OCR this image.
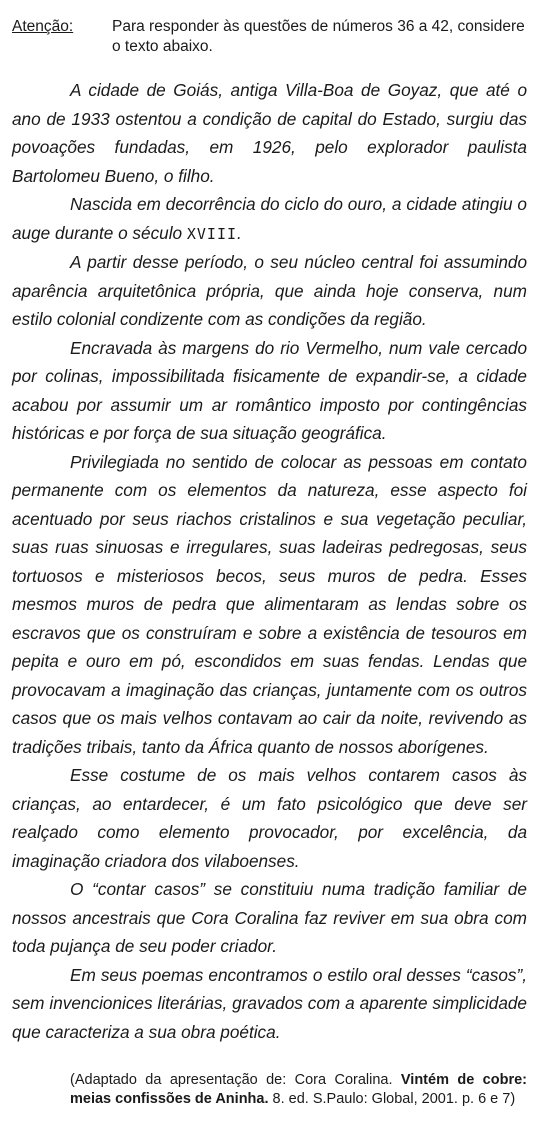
Atenção:	Para responder às questões de números 36 a 42, considere o texto abaixo.

A cidade de Goiás, antiga Villa-Boa de Goyaz, que até o ano de 1933 ostentou a condição de capital do Estado, surgiu das povoações fundadas, em 1926, pelo explorador paulista Bartolomeu Bueno, o filho.

Nascida em decorrência do ciclo do ouro, a cidade atingiu o auge durante o século XVIII.

A partir desse período, o seu núcleo central foi assumindo aparência arquitetônica própria, que ainda hoje conserva, num estilo colonial condizente com as condições da região.

Encravada às margens do rio Vermelho, num vale cercado por colinas, impossibilitada fisicamente de expandir-se, a cidade acabou por assumir um ar romântico imposto por contingências históricas e por força de sua situação geográfica.

Privilegiada no sentido de colocar as pessoas em contato permanente com os elementos da natureza, esse aspecto foi acentuado por seus riachos cristalinos e sua vegetação peculiar, suas ruas sinuosas e irregulares, suas ladeiras pedregosas, seus tortuosos e misteriosos becos, seus muros de pedra. Esses mesmos muros de pedra que alimentaram as lendas sobre os escravos que os construíram e sobre a existência de tesouros em pepita e ouro em pó, escondidos em suas fendas. Lendas que provocavam a imaginação das crianças, juntamente com os outros casos que os mais velhos contavam ao cair da noite, revivendo as tradições tribais, tanto da África quanto de nossos aborígenes.

Esse costume de os mais velhos contarem casos às crianças, ao entardecer, é um fato psicológico que deve ser realçado como elemento provocador, por excelência, da imaginação criadora dos vilaboenses.

O “contar casos” se constituiu numa tradição familiar de nossos ancestrais que Cora Coralina faz reviver em sua obra com toda pujança de seu poder criador.

Em seus poemas encontramos o estilo oral desses “casos”, sem invencionices literárias, gravados com a aparente simplicidade que caracteriza a sua obra poética.

(Adaptado da apresentação de: Cora Coralina. Vintém de cobre: meias confissões de Aninha. 8. ed. S.Paulo: Global, 2001. p. 6 e 7)
